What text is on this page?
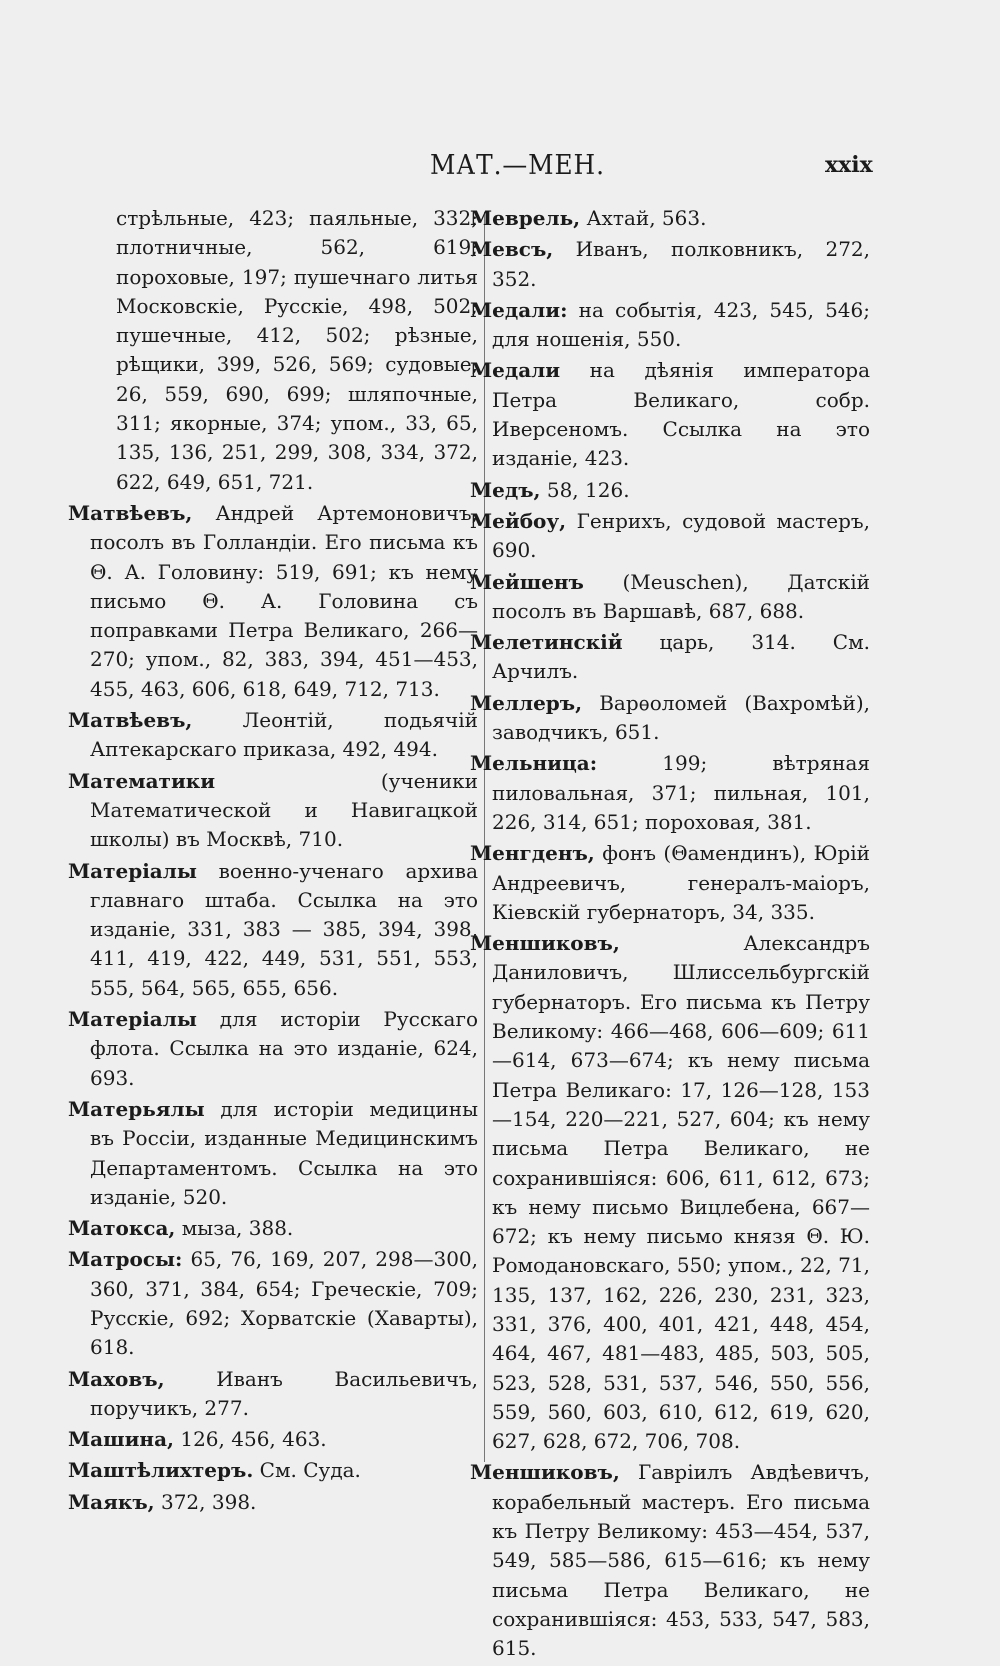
МАТ.—МЕН.	xxix

стрѣльные, 423; паяльные, 332; плотничные, 562, 619; пороховые, 197; пушечнаго литья Московскіе, Русскіе, 498, 502; пушечные, 412, 502; рѣзные, рѣщики, 399, 526, 569; судовые, 26, 559, 690, 699; шляпочные, 311; якорные, 374; упом., 33, 65, 135, 136, 251, 299, 308, 334, 372, 622, 649, 651, 721.

Матвѣевъ, Андрей Артемоновичъ, посолъ въ Голландіи. Его письма къ Θ. А. Головину: 519, 691; къ нему письмо Θ. А. Головина съ поправками Петра Великаго, 266—270; упом., 82, 383, 394, 451—453, 455, 463, 606, 618, 649, 712, 713.

Матвѣевъ, Леонтій, подьячій Аптекарскаго приказа, 492, 494.

Математики (ученики Математической и Навигацкой школы) въ Москвѣ, 710.

Матеріалы военно-ученаго архива главнаго штаба. Ссылка на это изданіе, 331, 383 — 385, 394, 398, 411, 419, 422, 449, 531, 551, 553, 555, 564, 565, 655, 656.

Матеріалы для исторіи Русскаго флота. Ссылка на это изданіе, 624, 693.

Матерьялы для исторіи медицины въ Россіи, изданные Медицинскимъ Департаментомъ. Ссылка на это изданіе, 520.

Матокса, мыза, 388.

Матросы: 65, 76, 169, 207, 298—300, 360, 371, 384, 654; Греческіе, 709; Русскіе, 692; Хорватскіе (Хаварты), 618.

Маховъ, Иванъ Васильевичъ, поручикъ, 277.

Машина, 126, 456, 463.

Маштѣлихтеръ. См. Суда.

Маякъ, 372, 398.

Меврель, Ахтай, 563.

Мевсъ, Иванъ, полковникъ, 272, 352.

Медали: на событія, 423, 545, 546; для ношенія, 550.

Медали на дѣянія императора Петра Великаго, собр. Иверсеномъ. Ссылка на это изданіе, 423.

Медъ, 58, 126.

Мейбоу, Генрихъ, судовой мастеръ, 690.

Мейшенъ (Meuschen), Датскій посолъ въ Варшавѣ, 687, 688.

Мелетинскій царь, 314. См. Арчилъ.

Меллеръ, Варѳоломей (Вахромѣй), заводчикъ, 651.

Мельница: 199; вѣтряная пиловальная, 371; пильная, 101, 226, 314, 651; пороховая, 381.

Менгденъ, фонъ (Θамендинъ), Юрій Андреевичъ, генералъ-маіоръ, Кіевскій губернаторъ, 34, 335.

Меншиковъ, Александръ Даниловичъ, Шлиссельбургскій губернаторъ. Его письма къ Петру Великому: 466—468, 606—609; 611—614, 673—674; къ нему письма Петра Великаго: 17, 126—128, 153—154, 220—221, 527, 604; къ нему письма Петра Великаго, не сохранившіяся: 606, 611, 612, 673; къ нему письмо Вицлебена, 667—672; къ нему письмо князя Θ. Ю. Ромодановскаго, 550; упом., 22, 71, 135, 137, 162, 226, 230, 231, 323, 331, 376, 400, 401, 421, 448, 454, 464, 467, 481—483, 485, 503, 505, 523, 528, 531, 537, 546, 550, 556, 559, 560, 603, 610, 612, 619, 620, 627, 628, 672, 706, 708.

Меншиковъ, Гавріилъ Авдѣевичъ, корабельный мастеръ. Его письма къ Петру Великому: 453—454, 537, 549, 585—586, 615—616; къ нему письма Петра Великаго, не сохранившіяся: 453, 533, 547, 583, 615.
